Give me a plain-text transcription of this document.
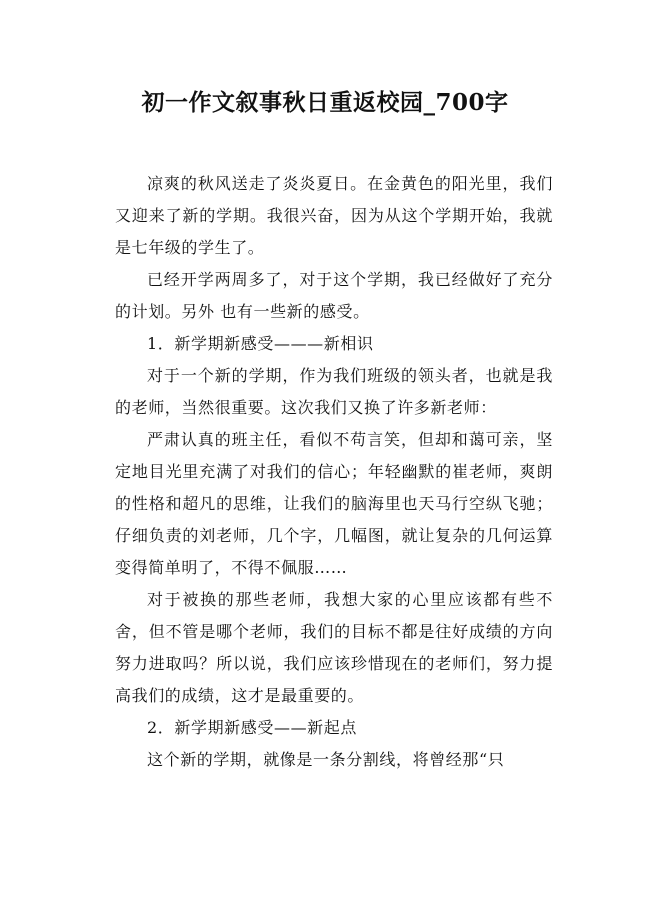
初一作文叙事秋日重返校园_700字

凉爽的秋风送走了炎炎夏日。在金黄色的阳光里，我们又迎来了新的学期。我很兴奋，因为从这个学期开始，我就是七年级的学生了。

已经开学两周多了，对于这个学期，我已经做好了充分的计划。另外 也有一些新的感受。

1．新学期新感受———新相识

对于一个新的学期，作为我们班级的领头者，也就是我的老师，当然很重要。这次我们又换了许多新老师：

严肃认真的班主任，看似不苟言笑，但却和蔼可亲，坚定地目光里充满了对我们的信心；年轻幽默的崔老师，爽朗的性格和超凡的思维，让我们的脑海里也天马行空纵飞驰；仔细负责的刘老师，几个字，几幅图，就让复杂的几何运算变得简单明了，不得不佩服……

对于被换的那些老师，我想大家的心里应该都有些不舍，但不管是哪个老师，我们的目标不都是往好成绩的方向努力进取吗？所以说，我们应该珍惜现在的老师们，努力提高我们的成绩，这才是最重要的。

2．新学期新感受——新起点

这个新的学期，就像是一条分割线，将曾经那“只
